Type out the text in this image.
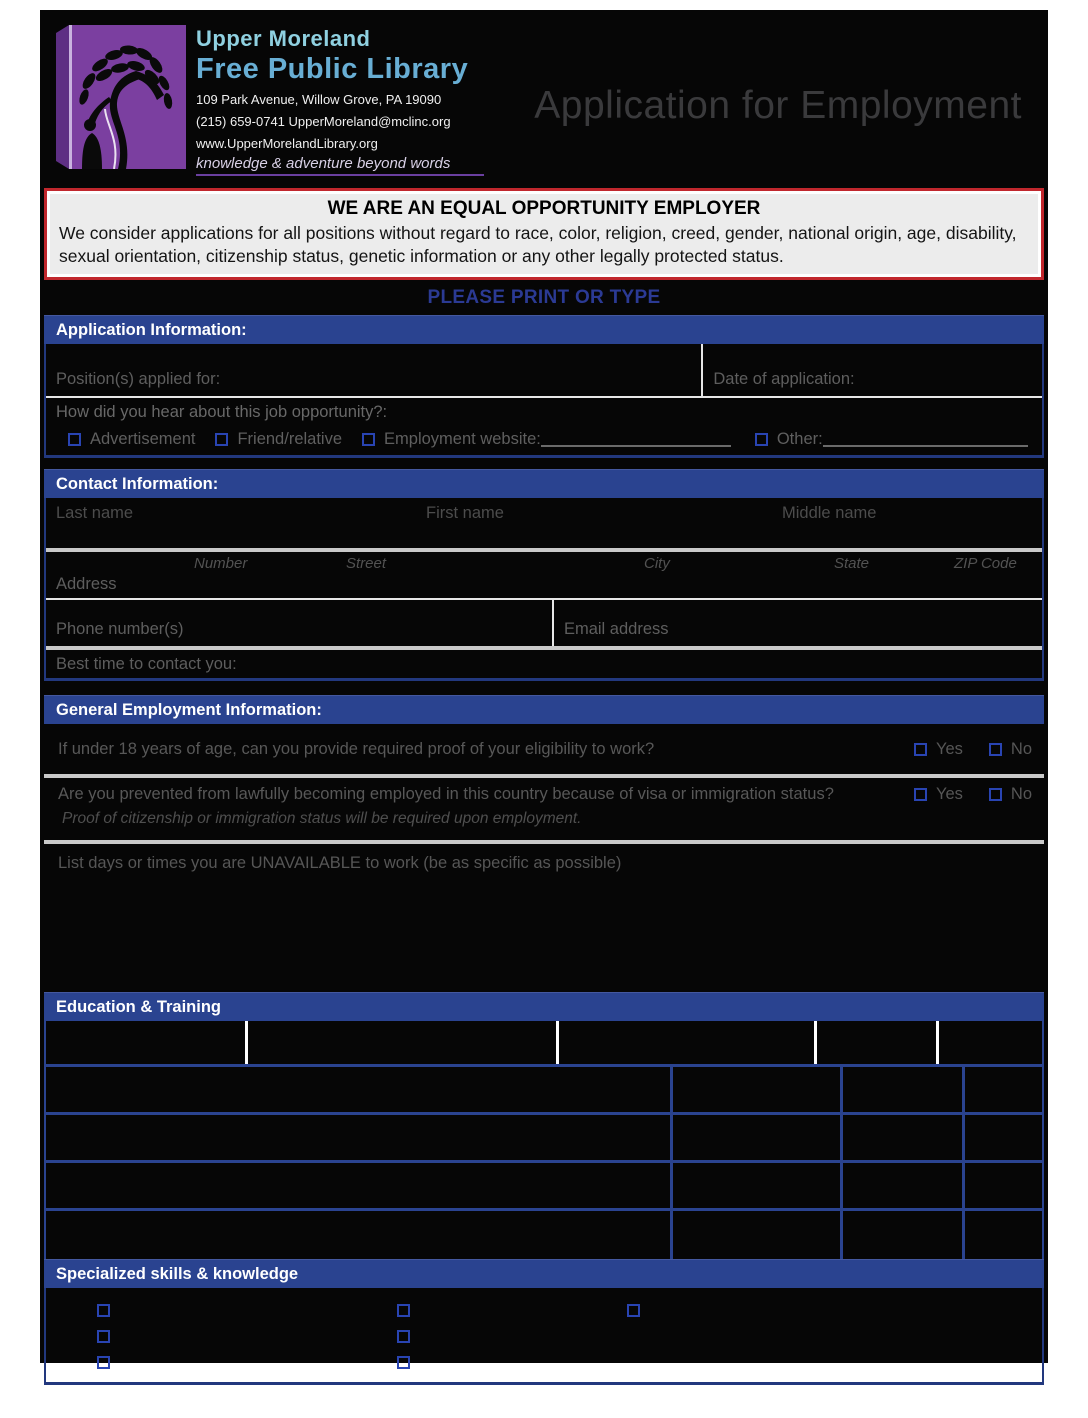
Upper Moreland
Free Public Library
109 Park Avenue, Willow Grove, PA 19090
(215) 659-0741 UpperMoreland@mclinc.org
www.UpperMorelandLibrary.org
knowledge & adventure beyond words
Application for Employment
WE ARE AN EQUAL OPPORTUNITY EMPLOYER
We consider applications for all positions without regard to race, color, religion, creed, gender, national origin, age, disability, sexual orientation, citizenship status, genetic information or any other legally protected status.
PLEASE PRINT OR TYPE
Application Information:
Position(s) applied for:	Date of application:
How did you hear about this job opportunity?:
Advertisement	Friend/relative	Employment website:	Other:
Contact Information:
Last name	First name	Middle name
Number	Street	City	State	ZIP Code
Address
Phone number(s)	Email address
Best time to contact you:
General Employment Information:
If under 18 years of age, can you provide required proof of your eligibility to work?	Yes	No
Are you prevented from lawfully becoming employed in this country because of visa or immigration status?	Yes	No
Proof of citizenship or immigration status will be required upon employment.
List days or times you are UNAVAILABLE to work (be as specific as possible)
Education & Training
Specialized skills & knowledge
